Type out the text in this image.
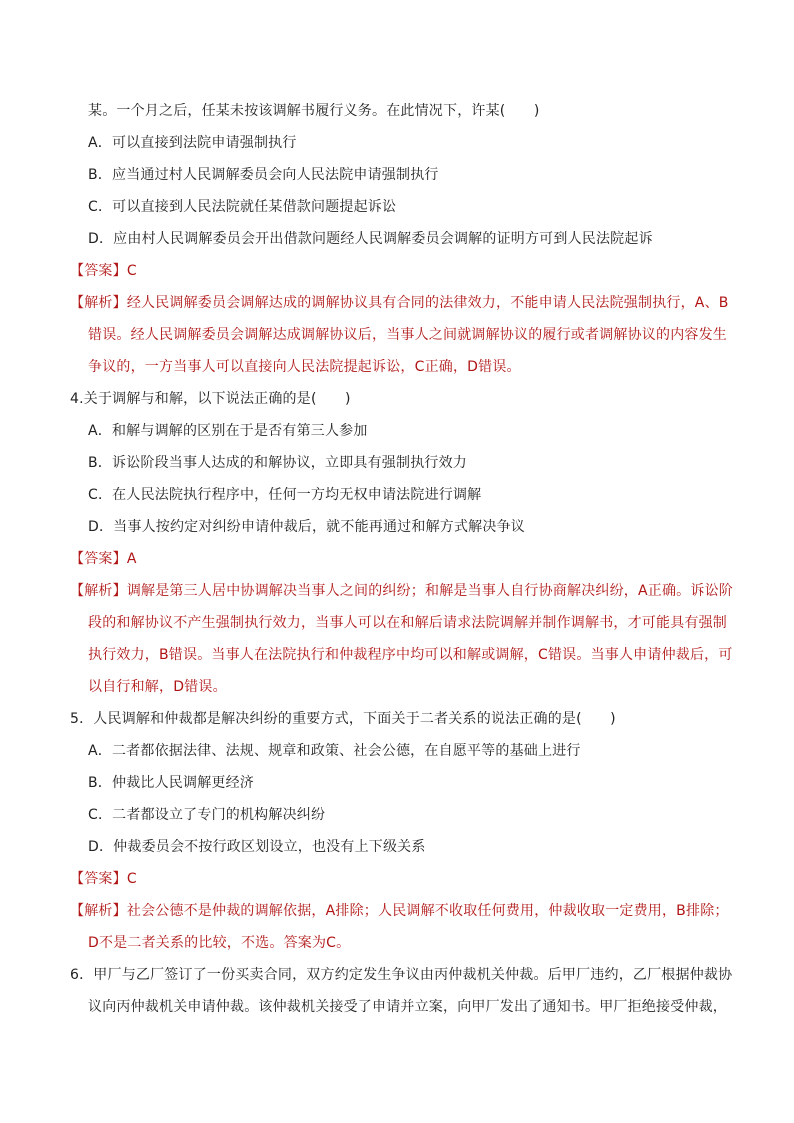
某。一个月之后，任某未按该调解书履行义务。在此情况下，许某(　　)
A．可以直接到法院申请强制执行
B．应当通过村人民调解委员会向人民法院申请强制执行
C．可以直接到人民法院就任某借款问题提起诉讼
D．应由村人民调解委员会开出借款问题经人民调解委员会调解的证明方可到人民法院起诉
【答案】C
【解析】经人民调解委员会调解达成的调解协议具有合同的法律效力，不能申请人民法院强制执行，A、B
错误。经人民调解委员会调解达成调解协议后，当事人之间就调解协议的履行或者调解协议的内容发生
争议的，一方当事人可以直接向人民法院提起诉讼，C正确，D错误。
4.关于调解与和解，以下说法正确的是(　　)
A．和解与调解的区别在于是否有第三人参加
B．诉讼阶段当事人达成的和解协议，立即具有强制执行效力
C．在人民法院执行程序中，任何一方均无权申请法院进行调解
D．当事人按约定对纠纷申请仲裁后，就不能再通过和解方式解决争议
【答案】A
【解析】调解是第三人居中协调解决当事人之间的纠纷；和解是当事人自行协商解决纠纷，A正确。诉讼阶
段的和解协议不产生强制执行效力，当事人可以在和解后请求法院调解并制作调解书，才可能具有强制
执行效力，B错误。当事人在法院执行和仲裁程序中均可以和解或调解，C错误。当事人申请仲裁后，可
以自行和解，D错误。
5．人民调解和仲裁都是解决纠纷的重要方式，下面关于二者关系的说法正确的是(　　)
A．二者都依据法律、法规、规章和政策、社会公德，在自愿平等的基础上进行
B．仲裁比人民调解更经济
C．二者都设立了专门的机构解决纠纷
D．仲裁委员会不按行政区划设立，也没有上下级关系
【答案】C
【解析】社会公德不是仲裁的调解依据，A排除；人民调解不收取任何费用，仲裁收取一定费用，B排除；
D不是二者关系的比较，不选。答案为C。
6．甲厂与乙厂签订了一份买卖合同，双方约定发生争议由丙仲裁机关仲裁。后甲厂违约，乙厂根据仲裁协
议向丙仲裁机关申请仲裁。该仲裁机关接受了申请并立案，向甲厂发出了通知书。甲厂拒绝接受仲裁，
